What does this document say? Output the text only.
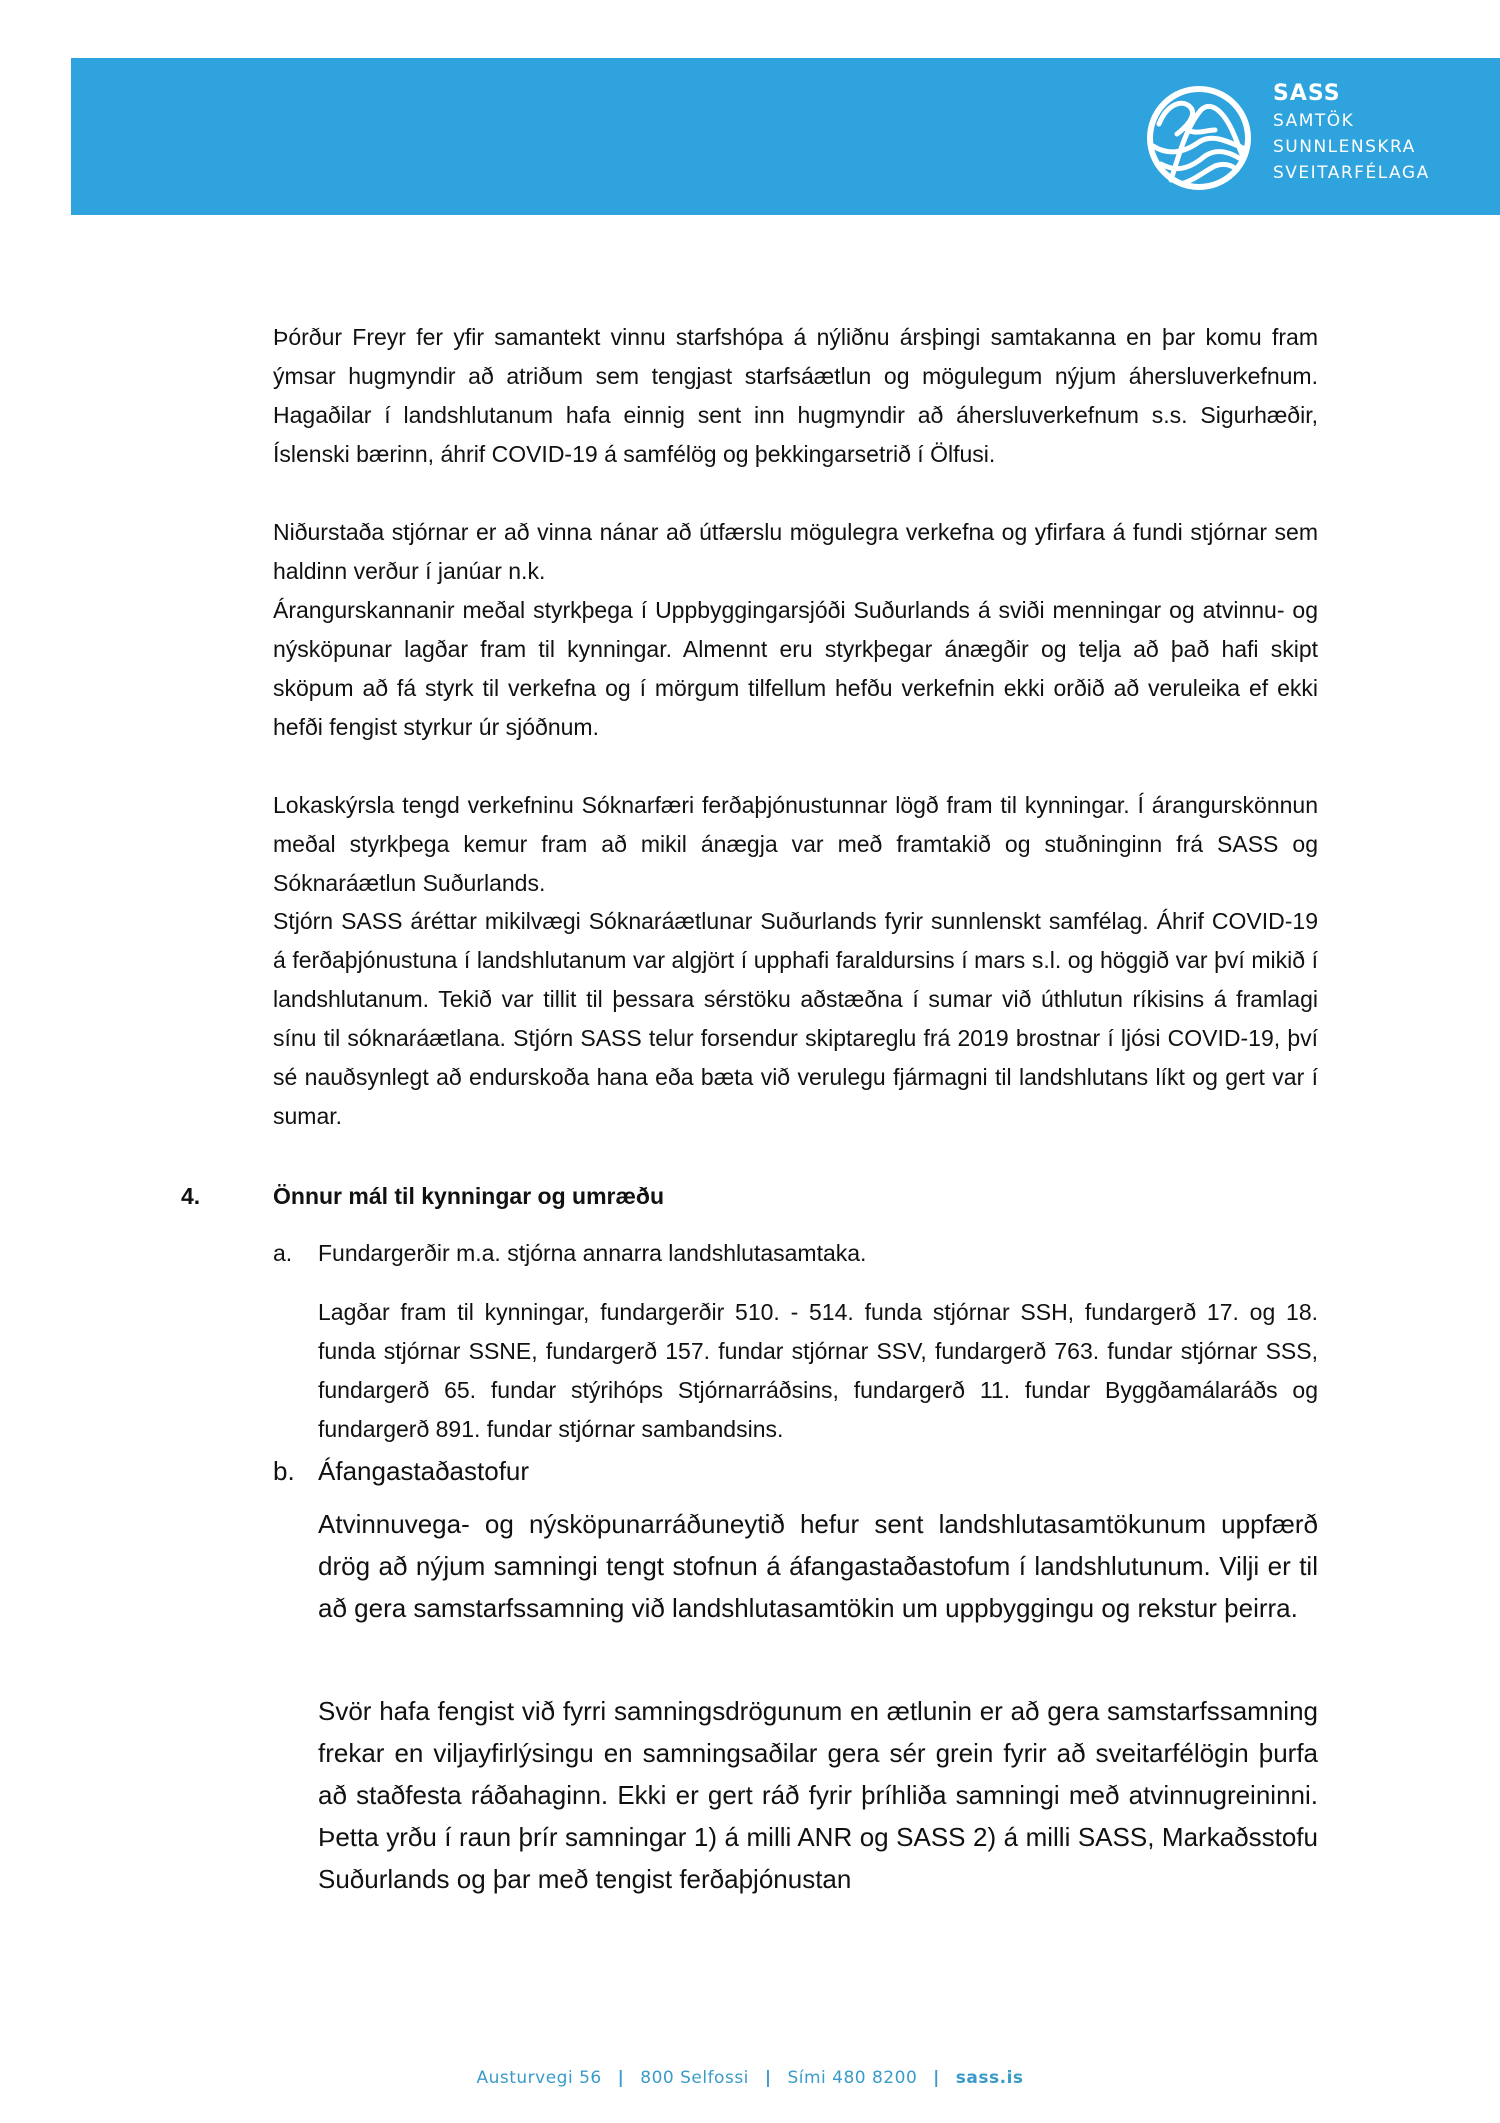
SASS
SAMTÖK
SUNNLENSKRA
SVEITARFÉLAGA

Þórður Freyr fer yfir samantekt vinnu starfshópa á nýliðnu ársþingi samtakanna en þar komu fram ýmsar hugmyndir að atriðum sem tengjast starfsáætlun og mögulegum nýjum áhersluverkefnum. Hagaðilar í landshlutanum hafa einnig sent inn hugmyndir að áhersluverkefnum s.s. Sigurhæðir, Íslenski bærinn, áhrif COVID-19 á samfélög og þekkingarsetrið í Ölfusi.

Niðurstaða stjórnar er að vinna nánar að útfærslu mögulegra verkefna og yfirfara á fundi stjórnar sem haldinn verður í janúar n.k.

Árangurskannanir meðal styrkþega í Uppbyggingarsjóði Suðurlands á sviði menningar og atvinnu- og nýsköpunar lagðar fram til kynningar. Almennt eru styrkþegar ánægðir og telja að það hafi skipt sköpum að fá styrk til verkefna og í mörgum tilfellum hefðu verkefnin ekki orðið að veruleika ef ekki hefði fengist styrkur úr sjóðnum.

Lokaskýrsla tengd verkefninu Sóknarfæri ferðaþjónustunnar lögð fram til kynningar. Í árangurskönnun meðal styrkþega kemur fram að mikil ánægja var með framtakið og stuðninginn frá SASS og Sóknaráætlun Suðurlands.

Stjórn SASS áréttar mikilvægi Sóknaráætlunar Suðurlands fyrir sunnlenskt samfélag. Áhrif COVID-19 á ferðaþjónustuna í landshlutanum var algjört í upphafi faraldursins í mars s.l. og höggið var því mikið í landshlutanum. Tekið var tillit til þessara sérstöku aðstæðna í sumar við úthlutun ríkisins á framlagi sínu til sóknaráætlana. Stjórn SASS telur forsendur skiptareglu frá 2019 brostnar í ljósi COVID-19, því sé nauðsynlegt að endurskoða hana eða bæta við verulegu fjármagni til landshlutans líkt og gert var í sumar.

4.	Önnur mál til kynningar og umræðu
a. Fundargerðir m.a. stjórna annarra landshlutasamtaka.

Lagðar fram til kynningar, fundargerðir 510. - 514. funda stjórnar SSH, fundargerð 17. og 18. funda stjórnar SSNE, fundargerð 157. fundar stjórnar SSV, fundargerð 763. fundar stjórnar SSS, fundargerð 65. fundar stýrihóps Stjórnarráðsins, fundargerð 11. fundar Byggðamálaráðs og fundargerð 891. fundar stjórnar sambandsins.

b. Áfangastaðastofur

Atvinnuvega- og nýsköpunarráðuneytið hefur sent landshlutasamtökunum uppfærð drög að nýjum samningi tengt stofnun á áfangastaðastofum í landshlutunum. Vilji er til að gera samstarfssamning við landshlutasamtökin um uppbyggingu og rekstur þeirra.

Svör hafa fengist við fyrri samningsdrögunum en ætlunin er að gera samstarfssamning frekar en viljayfirlýsingu en samningsaðilar gera sér grein fyrir að sveitarfélögin þurfa að staðfesta ráðahaginn. Ekki er gert ráð fyrir þríhliða samningi með atvinnugreininni. Þetta yrðu í raun þrír samningar 1) á milli ANR og SASS 2) á milli SASS, Markaðsstofu Suðurlands og þar með tengist ferðaþjónustan

Austurvegi 56 | 800 Selfossi | Sími 480 8200 | sass.is
